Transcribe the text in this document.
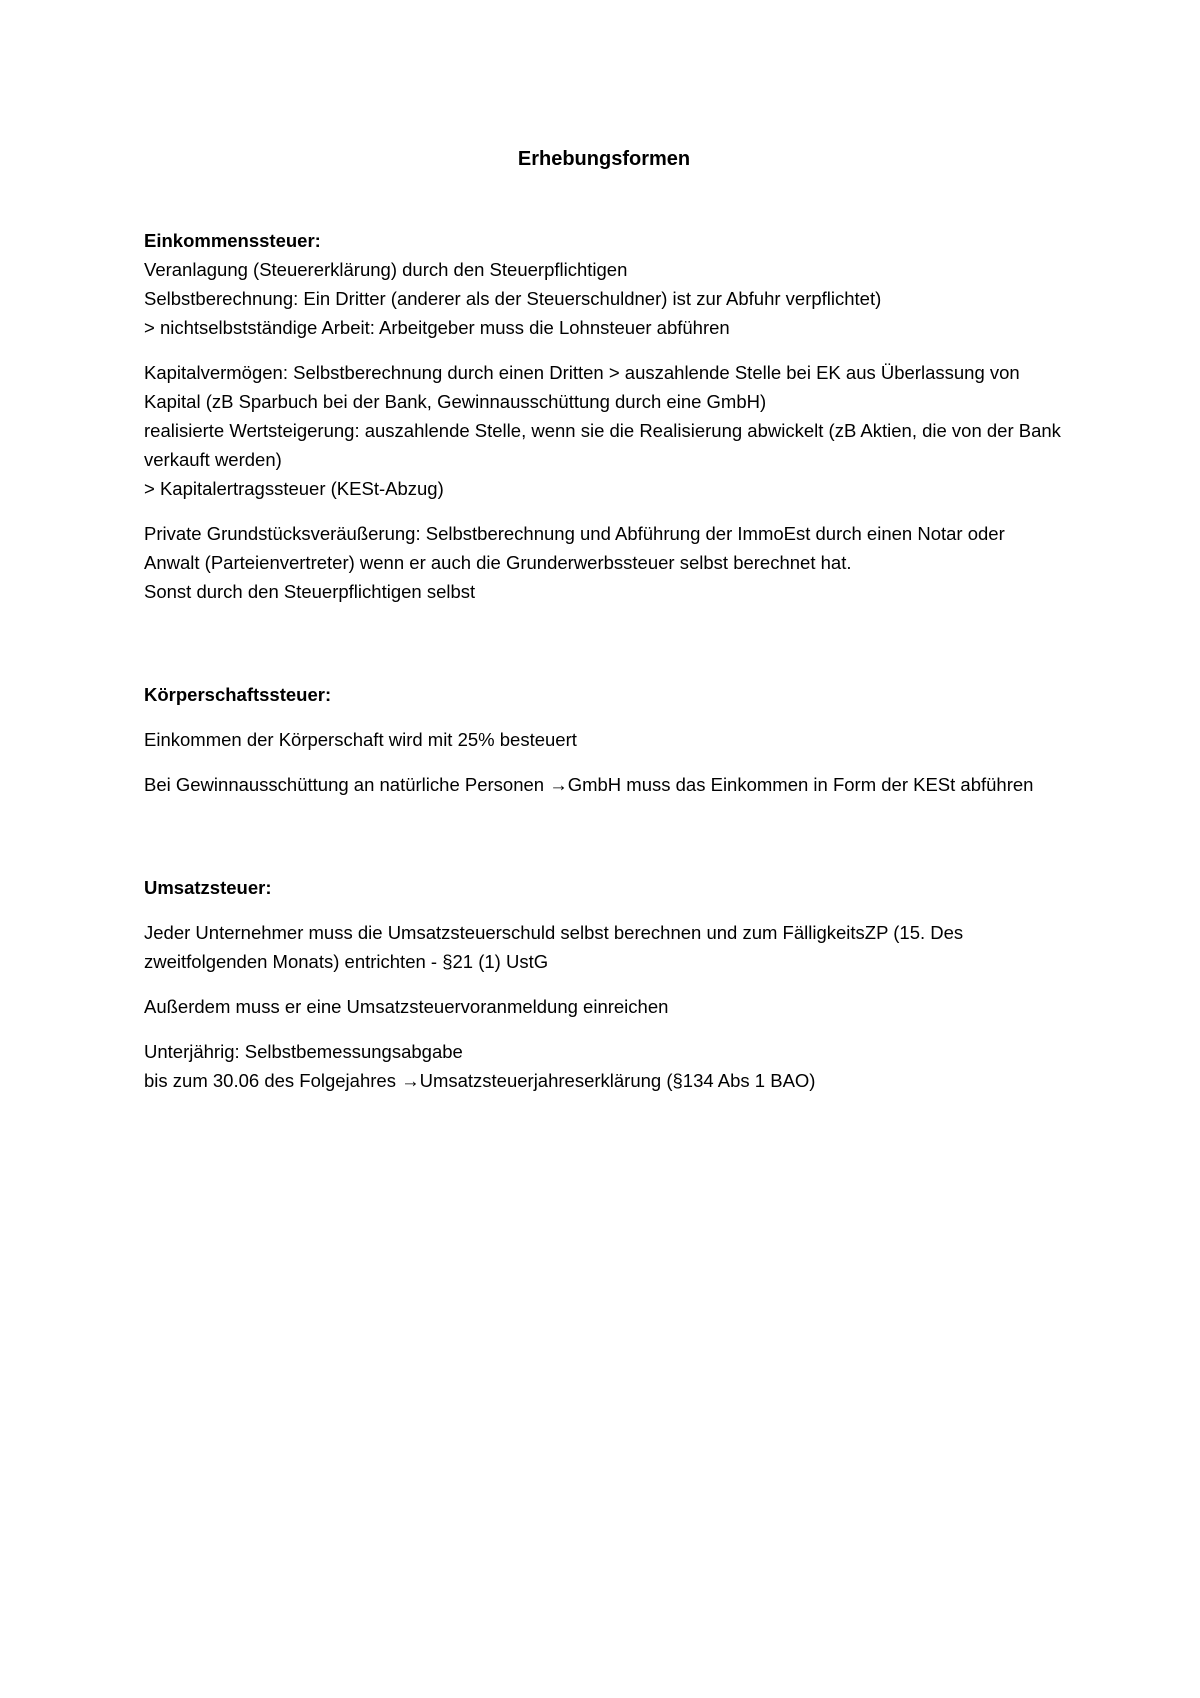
Erhebungsformen
Einkommenssteuer:

Veranlagung (Steuererklärung) durch den Steuerpflichtigen

Selbstberechnung: Ein Dritter (anderer als der Steuerschuldner) ist zur Abfuhr verpflichtet)

> nichtselbstständige Arbeit: Arbeitgeber muss die Lohnsteuer abführen

Kapitalvermögen: Selbstberechnung durch einen Dritten > auszahlende Stelle bei EK aus Überlassung von Kapital (zB Sparbuch bei der Bank, Gewinnausschüttung durch eine GmbH)

realisierte Wertsteigerung: auszahlende Stelle, wenn sie die Realisierung abwickelt (zB Aktien, die von der Bank verkauft werden)

> Kapitalertragssteuer (KESt-Abzug)

Private Grundstücksveräußerung: Selbstberechnung und Abführung der ImmoEst durch einen Notar oder Anwalt (Parteienvertreter) wenn er auch die Grunderwerbssteuer selbst berechnet hat.

Sonst durch den Steuerpflichtigen selbst

Körperschaftssteuer:

Einkommen der Körperschaft wird mit 25% besteuert

Bei Gewinnausschüttung an natürliche Personen →GmbH muss das Einkommen in Form der KESt abführen

Umsatzsteuer:

Jeder Unternehmer muss die Umsatzsteuerschuld selbst berechnen und zum FälligkeitsZP (15. Des zweitfolgenden Monats) entrichten - §21 (1) UstG

Außerdem muss er eine Umsatzsteuervoranmeldung einreichen

Unterjährig: Selbstbemessungsabgabe

bis zum 30.06 des Folgejahres →Umsatzsteuerjahreserklärung (§134 Abs 1 BAO)
